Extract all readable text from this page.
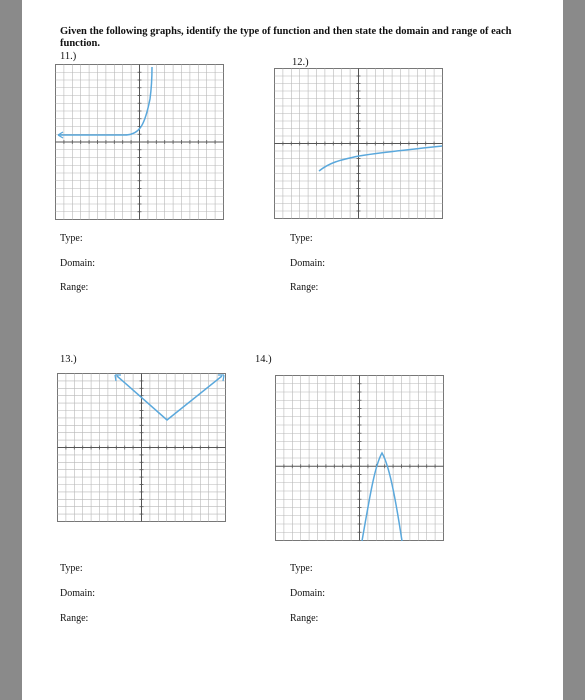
Given the following graphs, identify the type of function and then state the domain and range of each function.
11.)
Type:
Domain:
Range:
12.)
Type:
Domain:
Range:
13.)
Type:
Domain:
Range:
14.)
Type:
Domain:
Range:
